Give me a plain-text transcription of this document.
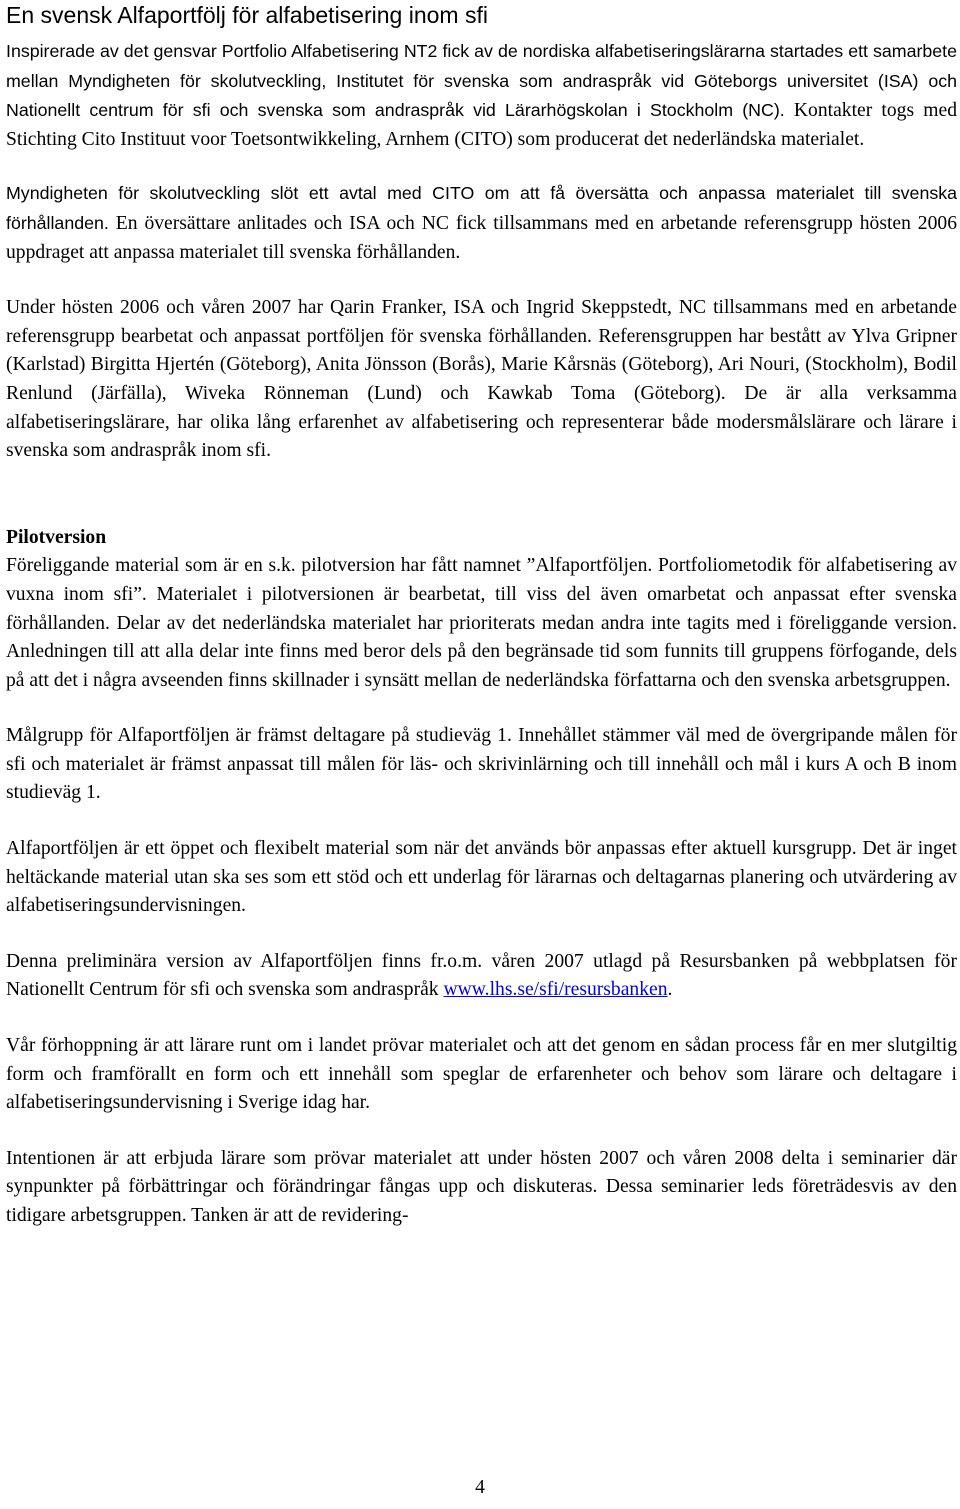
En svensk Alfaportfölj för alfabetisering inom sfi

Inspirerade av det gensvar Portfolio Alfabetisering NT2 fick av de nordiska alfabetiseringslärarna startades ett samarbete mellan Myndigheten för skolutveckling, Institutet för svenska som andraspråk vid Göteborgs universitet (ISA) och Nationellt centrum för sfi och svenska som andraspråk vid Lärarhögskolan i Stockholm (NC). Kontakter togs med Stichting Cito Instituut voor Toetsontwikkeling, Arnhem (CITO) som producerat det nederländska materialet.

Myndigheten för skolutveckling slöt ett avtal med CITO om att få översätta och anpassa materialet till svenska förhållanden. En översättare anlitades och ISA och NC fick tillsammans med en arbetande referensgrupp hösten 2006 uppdraget att anpassa materialet till svenska förhållanden.

Under hösten 2006 och våren 2007 har Qarin Franker, ISA och Ingrid Skeppstedt, NC tillsammans med en arbetande referensgrupp bearbetat och anpassat portföljen för svenska förhållanden. Referensgruppen har bestått av Ylva Gripner (Karlstad) Birgitta Hjertén (Göteborg), Anita Jönsson (Borås), Marie Kårsnäs (Göteborg), Ari Nouri, (Stockholm), Bodil Renlund (Järfälla), Wiveka Rönneman (Lund) och Kawkab Toma (Göteborg). De är alla verksamma alfabetiseringslärare, har olika lång erfarenhet av alfabetisering och representerar både modersmålslärare och lärare i svenska som andraspråk inom sfi.

Pilotversion

Föreliggande material som är en s.k. pilotversion har fått namnet ”Alfaportföljen. Portfoliometodik för alfabetisering av vuxna inom sfi”. Materialet i pilotversionen är bearbetat, till viss del även omarbetat och anpassat efter svenska förhållanden. Delar av det nederländska materialet har prioriterats medan andra inte tagits med i föreliggande version. Anledningen till att alla delar inte finns med beror dels på den begränsade tid som funnits till gruppens förfogande, dels på att det i några avseenden finns skillnader i synsätt mellan de nederländska författarna och den svenska arbetsgruppen.

Målgrupp för Alfaportföljen är främst deltagare på studieväg 1. Innehållet stämmer väl med de övergripande målen för sfi och materialet är främst anpassat till målen för läs- och skrivinlärning och till innehåll och mål i kurs A och B inom studieväg 1.

Alfaportföljen är ett öppet och flexibelt material som när det används bör anpassas efter aktuell kursgrupp. Det är inget heltäckande material utan ska ses som ett stöd och ett underlag för lärarnas och deltagarnas planering och utvärdering av alfabetiseringsundervisningen.

Denna preliminära version av Alfaportföljen finns fr.o.m. våren 2007 utlagd på Resursbanken på webbplatsen för Nationellt Centrum för sfi och svenska som andraspråk www.lhs.se/sfi/resursbanken.

Vår förhoppning är att lärare runt om i landet prövar materialet och att det genom en sådan process får en mer slutgiltig form och framförallt en form och ett innehåll som speglar de erfarenheter och behov som lärare och deltagare i alfabetiseringsundervisning i Sverige idag har.

Intentionen är att erbjuda lärare som prövar materialet att under hösten 2007 och våren 2008 delta i seminarier där synpunkter på förbättringar och förändringar fångas upp och diskuteras. Dessa seminarier leds företrädesvis av den tidigare arbetsgruppen. Tanken är att de revidering-

4
